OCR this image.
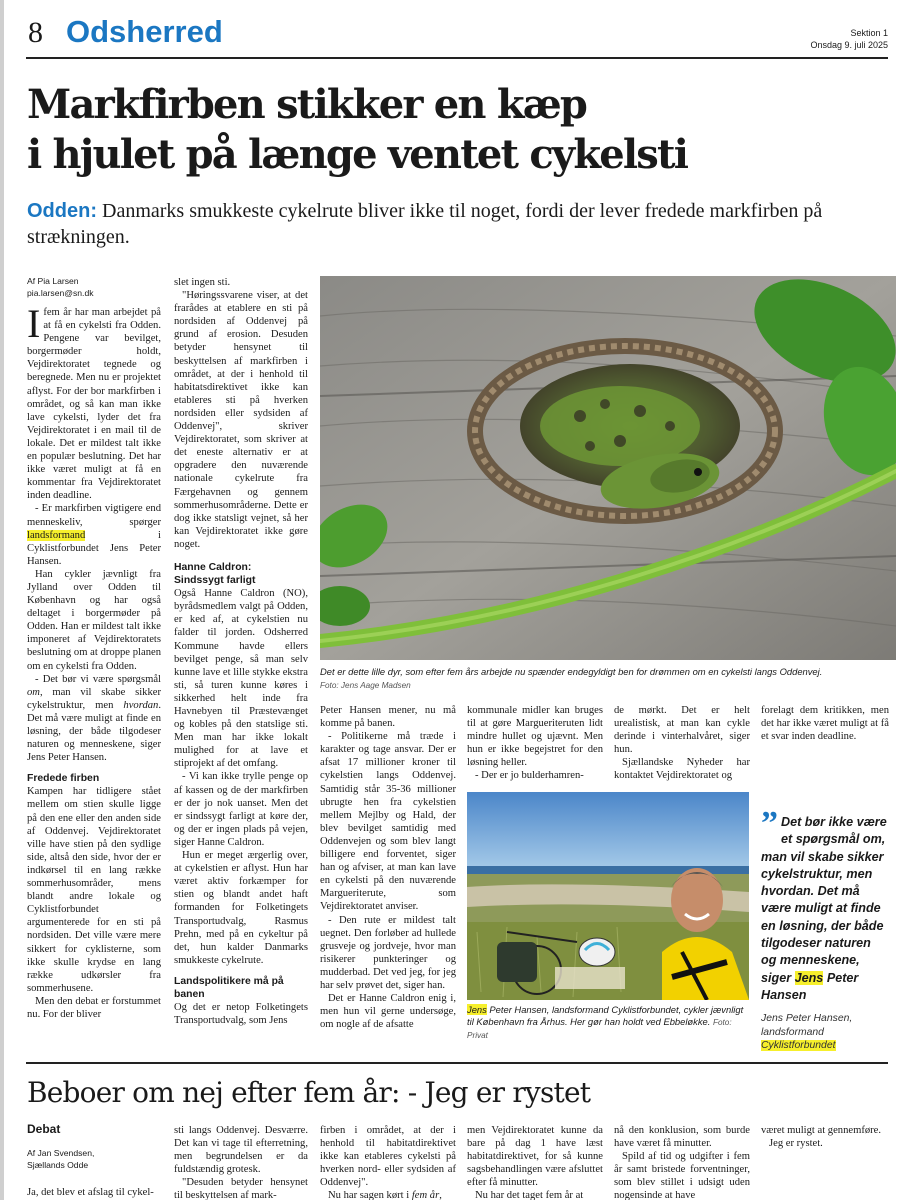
8 Odsherred	Sektion 1
Onsdag 9. juli 2025
Markfirben stikker en kæp
i hjulet på længe ventet cykelsti
Odden: Danmarks smukkeste cykelrute bliver ikke til noget, fordi der lever fredede markfirben på strækningen.
Af Pia Larsen
pia.larsen@sn.dk

I fem år har man arbejdet på at få en cykelsti fra Odden. Pengene var bevilget, borgermøder holdt, Vejdirektoratet tegnede og beregnede. Men nu er projektet aflyst. For der bor markfirben i området, og så kan man ikke lave cykelsti, lyder det fra Vejdirektoratet i en mail til de lokale. Det er mildest talt ikke en populær beslutning. Det har ikke været muligt at få en kommentar fra Vejdirektoratet inden deadline.

- Er markfirben vigtigere end menneskeliv, spørger landsformand i Cyklistforbundet Jens Peter Hansen.

Han cykler jævnligt fra Jylland over Odden til København og har også deltaget i borgermøder på Odden. Han er mildest talt ikke imponeret af Vejdirektoratets beslutning om at droppe planen om en cykelsti fra Odden.

- Det bør vi være spørgsmål om, man vil skabe sikker cykelstruktur, men hvordan. Det må være muligt at finde en løsning, der både tilgodeser naturen og menneskene, siger Jens Peter Hansen.

Fredede firben

Kampen har tidligere stået mellem om stien skulle ligge på den ene eller den anden side af Oddenvej. Vejdirektoratet ville have stien på den sydlige side, altså den side, hvor der er indkørsel til en lang række sommerhusområder, mens blandt andre lokale og Cyklistforbundet argumenterede for en sti på nordsiden. Det ville være mere sikkert for cyklisterne, som ikke skulle krydse en lang række udkørsler fra sommerhusene.

Men den debat er forstummet nu. For der bliver

slet ingen sti.

"Høringssvarene viser, at det frarådes at etablere en sti på nordsiden af Oddenvej på grund af erosion. Desuden betyder hensynet til beskyttelsen af markfirben i området, at der i henhold til habitatsdirektivet ikke kan etableres sti på hverken nordsiden eller sydsiden af Oddenvej", skriver Vejdirektoratet, som skriver at det eneste alternativ er at opgradere den nuværende nationale cykelrute fra Færgehavnen og gennem sommerhusområderne. Dette er dog ikke statsligt vejnet, så her kan Vejdirektoratet ikke gøre noget.

Hanne Caldron:
Sindssygt farligt

Også Hanne Caldron (NO), byrådsmedlem valgt på Odden, er ked af, at cykelstien nu falder til jorden. Odsherred Kommune havde ellers bevilget penge, så man selv kunne lave et lille stykke ekstra sti, så turen kunne køres i sikkerhed helt inde fra Havnebyen til Præstevænget og kobles på den statslige sti. Men man har ikke lokalt mulighed for at lave et stiprojekt af det omfang.

- Vi kan ikke trylle penge op af kassen og de der markfirben er der jo nok uanset. Men det er sindssygt farligt at køre der, og der er ingen plads på vejen, siger Hanne Caldron.

Hun er meget ærgerlig over, at cykelstien er aflyst. Hun har været aktiv forkæmper for stien og blandt andet haft formanden for Folketingets Transportudvalg, Rasmus Prehn, med på en cykeltur på det, hun kalder Danmarks smukkeste cykelrute.

Landspolitikere må på banen

Og det er netop Folketingets Transportudvalg, som Jens

Det er dette lille dyr, som efter fem års arbejde nu spænder endegyldigt ben for drømmen om en cykelsti langs Oddenvej.
Foto: Jens Aage Madsen

Peter Hansen mener, nu må komme på banen.

- Politikerne må træde i karakter og tage ansvar. Der er afsat 17 millioner kroner til cykelstien langs Oddenvej. Samtidig står 35-36 millioner ubrugte hen fra cykelstien mellem Mejlby og Hald, der blev bevilget samtidig med Oddenvejen og som blev langt billigere end forventet, siger han og afviser, at man kan lave en cykelsti på den nuværende Margueriterute, som Vejdirektoratet anviser.

- Den rute er mildest talt uegnet. Den forløber ad hullede grusveje og jordveje, hvor man risikerer punkteringer og mudderbad. Det ved jeg, for jeg har selv prøvet det, siger han.

Det er Hanne Caldron enig i, men hun vil gerne undersøge, om nogle af de afsatte

kommunale midler kan bruges til at gøre Margueriteruten lidt mindre hullet og ujævnt. Men hun er ikke begejstret for den løsning heller.

- Der er jo bulderhamren-

de mørkt. Det er helt urealistisk, at man kan cykle derinde i vinterhalvåret, siger hun.

Sjællandske Nyheder har kontaktet Vejdirektoratet og

forelagt dem kritikken, men det har ikke været muligt at få et svar inden deadline.

Jens Peter Hansen, landsformand Cyklistforbundet, cykler jævnligt til København fra Århus. Her gør han holdt ved Ebbeløkke. Foto: Privat
” Det bør ikke være et spørgsmål om, man vil skabe sikker cykelstruktur, men hvordan. Det må være muligt at finde en løsning, der både tilgodeser naturen og menneskene, siger Jens Peter Hansen
Jens Peter Hansen,
landsformand
Cyklistforbundet
Beboer om nej efter fem år: - Jeg er rystet
Debat
Af Jan Svendsen,
Sjællands Odde
Ja, det blev et afslag til cykel-

sti langs Oddenvej. Desværre. Det kan vi tage til efterretning, men begrundelsen er da fuldstændig grotesk.

"Desuden betyder hensynet til beskyttelsen af mark-

firben i området, at der i henhold til habitatdirektivet ikke kan etableres cykelsti på hverken nord- eller sydsiden af Oddenvej".

Nu har sagen kørt i fem år,

men Vejdirektoratet kunne da bare på dag 1 have læst habitatdirektivet, for så kunne sagsbehandlingen være afsluttet efter få minutter.

Nu har det taget fem år at

nå den konklusion, som burde have været få minutter.

Spild af tid og udgifter i fem år samt bristede forventninger, som blev stillet i udsigt uden nogensinde at have

været muligt at gennemføre.

Jeg er rystet.
